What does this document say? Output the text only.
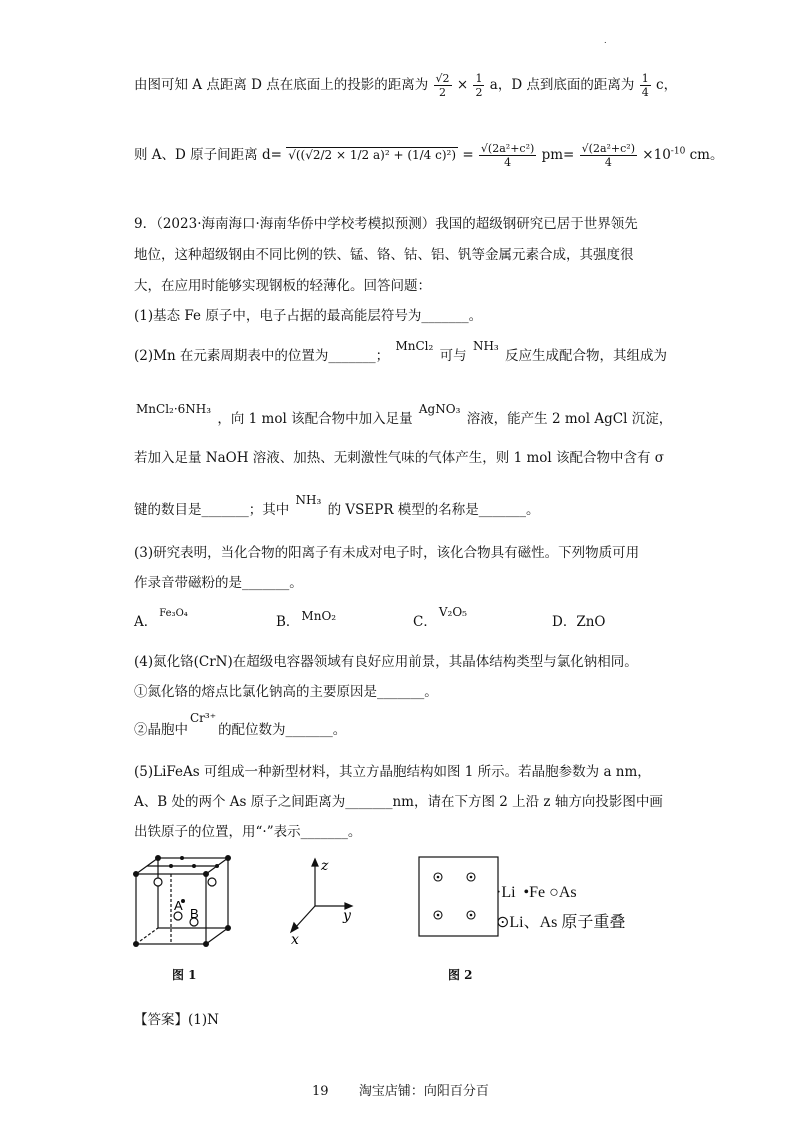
.
由图可知 A 点距离 D 点在底面上的投影的距离为 $\frac{√2}{2} \times \frac{1}{2}$ a，D 点到底面的距离为 $\frac{1}{4}$ c，
则 A、D 原子间距离 d= √((√2/2 × 1/2 a)² + (1/4 $c)^2) = \frac{\text{√(2a²+c²)}}{4} pm= \frac{\text{√(2a²+c²)}}{4} \times 10^{-10}$ cm。
9．（2023·海南海口·海南华侨中学校考模拟预测）我国的超级钢研究已居于世界领先
地位，这种超级钢由不同比例的铁、锰、铬、钴、铝、钒等金属元素合成，其强度很
大，在应用时能够实现钢板的轻薄化。回答问题：
(1)基态 Fe 原子中，电子占据的最高能层符号为_______。
(2)Mn 在元素周期表中的位置为_______； MnCl₂ 可与 NH₃ 反应生成配合物，其组成为
MnCl₂·6NH₃ ，向 1 mol 该配合物中加入足量 AgNO₃ 溶液，能产生 2 mol AgCl 沉淀，
若加入足量 NaOH 溶液、加热、无刺激性气味的气体产生，则 1 mol 该配合物中含有 σ
键的数目是_______；其中 NH₃ 的 VSEPR 模型的名称是_______。
(3)研究表明，当化合物的阳离子有未成对电子时，该化合物具有磁性。下列物质可用
作录音带磁粉的是_______。
A．Fe₃O₄
B． MnO₂	C．V₂O₅
D．ZnO
(4)氮化铬(CrN)在超级电容器领域有良好应用前景，其晶体结构类型与氯化钠相同。
①氮化铬的熔点比氯化钠高的主要原因是_______。
②晶胞中Cr³⁺的配位数为_______。
(5)LiFeAs 可组成一种新型材料，其立方晶胞结构如图 1 所示。若晶胞参数为 a nm，
A、B 处的两个 As 原子之间距离为_______nm，请在下方图 2 上沿 z 轴方向投影图中画
出铁原子的位置，用“·”表示_______。
A
B
z
y
x
·Li •Fe ○As
⊙Li、As 原子重叠
图 1	图 2
【答案】(1)N
19 淘宝店铺：向阳百分百
